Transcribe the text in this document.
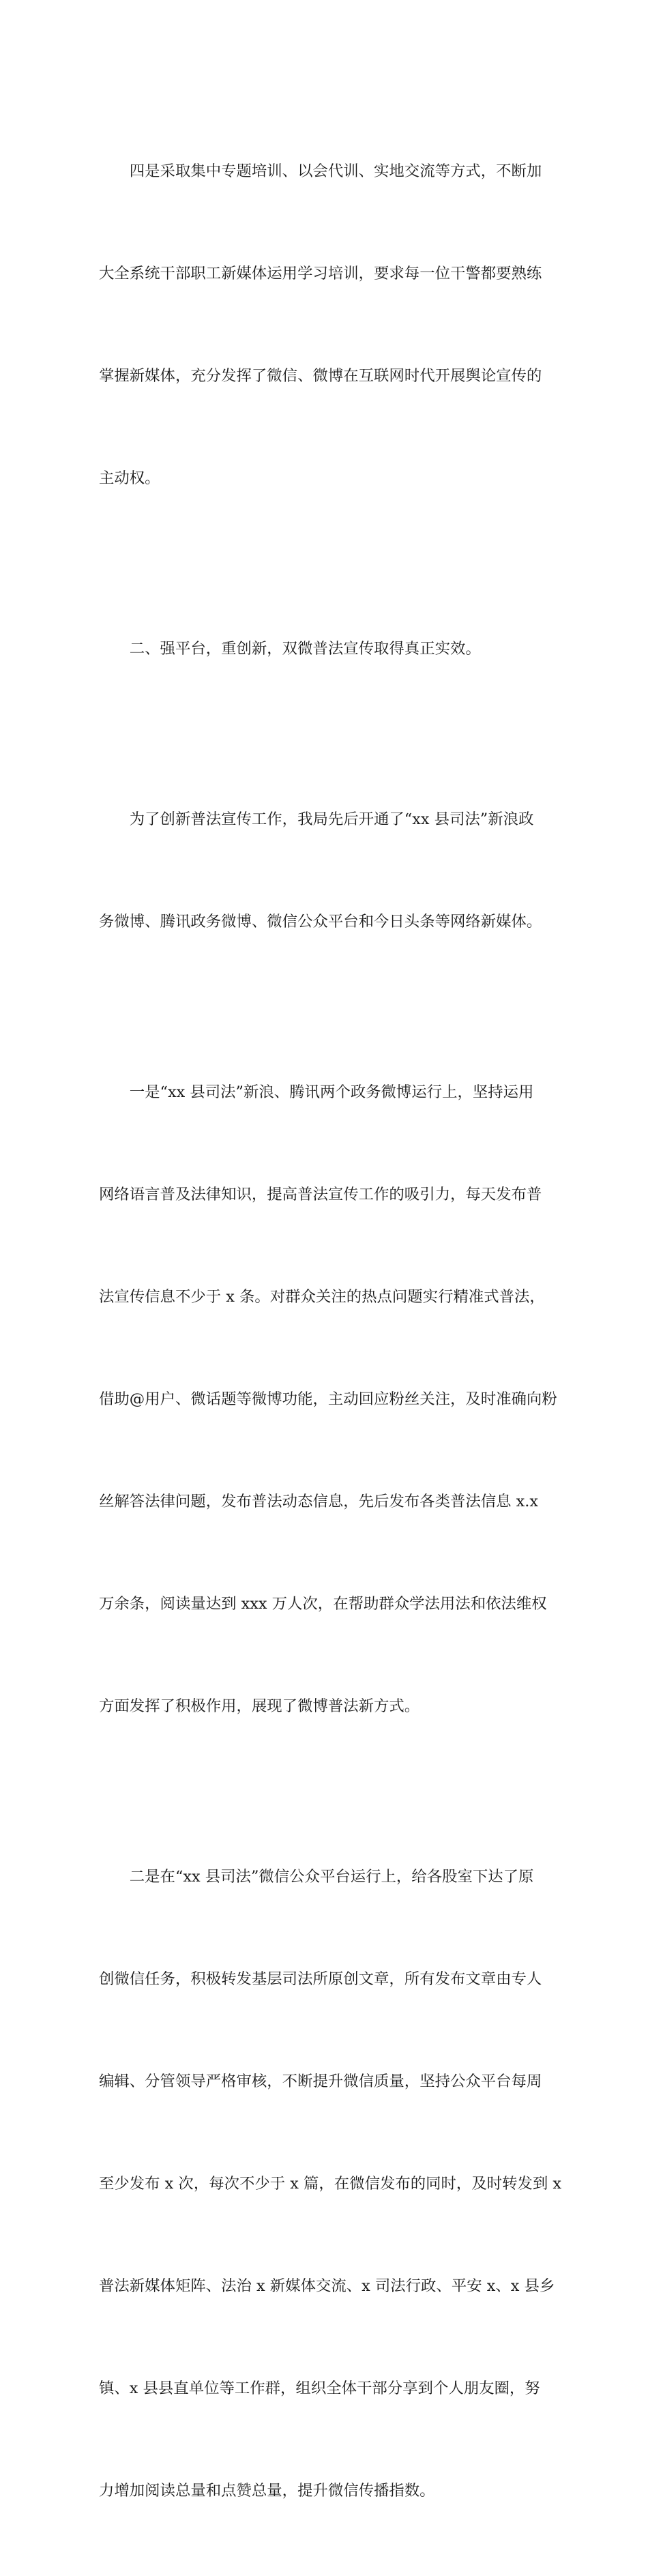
　　四是采取集中专题培训、以会代训、实地交流等方式，不断加

大全系统干部职工新媒体运用学习培训，要求每一位干警都要熟练

掌握新媒体，充分发挥了微信、微博在互联网时代开展舆论宣传的

主动权。

　　二、强平台，重创新，双微普法宣传取得真正实效。

　　为了创新普法宣传工作，我局先后开通了“xx 县司法”新浪政

务微博、腾讯政务微博、微信公众平台和今日头条等网络新媒体。

　　一是“xx 县司法”新浪、腾讯两个政务微博运行上，坚持运用

网络语言普及法律知识，提高普法宣传工作的吸引力，每天发布普

法宣传信息不少于 x 条。对群众关注的热点问题实行精准式普法，

借助@用户、微话题等微博功能，主动回应粉丝关注，及时准确向粉

丝解答法律问题，发布普法动态信息，先后发布各类普法信息 x.x

万余条，阅读量达到 xxx 万人次，在帮助群众学法用法和依法维权

方面发挥了积极作用，展现了微博普法新方式。

　　二是在“xx 县司法”微信公众平台运行上，给各股室下达了原

创微信任务，积极转发基层司法所原创文章，所有发布文章由专人

编辑、分管领导严格审核，不断提升微信质量，坚持公众平台每周

至少发布 x 次，每次不少于 x 篇，在微信发布的同时，及时转发到 x

普法新媒体矩阵、法治 x 新媒体交流、x 司法行政、平安 x、x 县乡

镇、x 县县直单位等工作群，组织全体干部分享到个人朋友圈，努

力增加阅读总量和点赞总量，提升微信传播指数。
